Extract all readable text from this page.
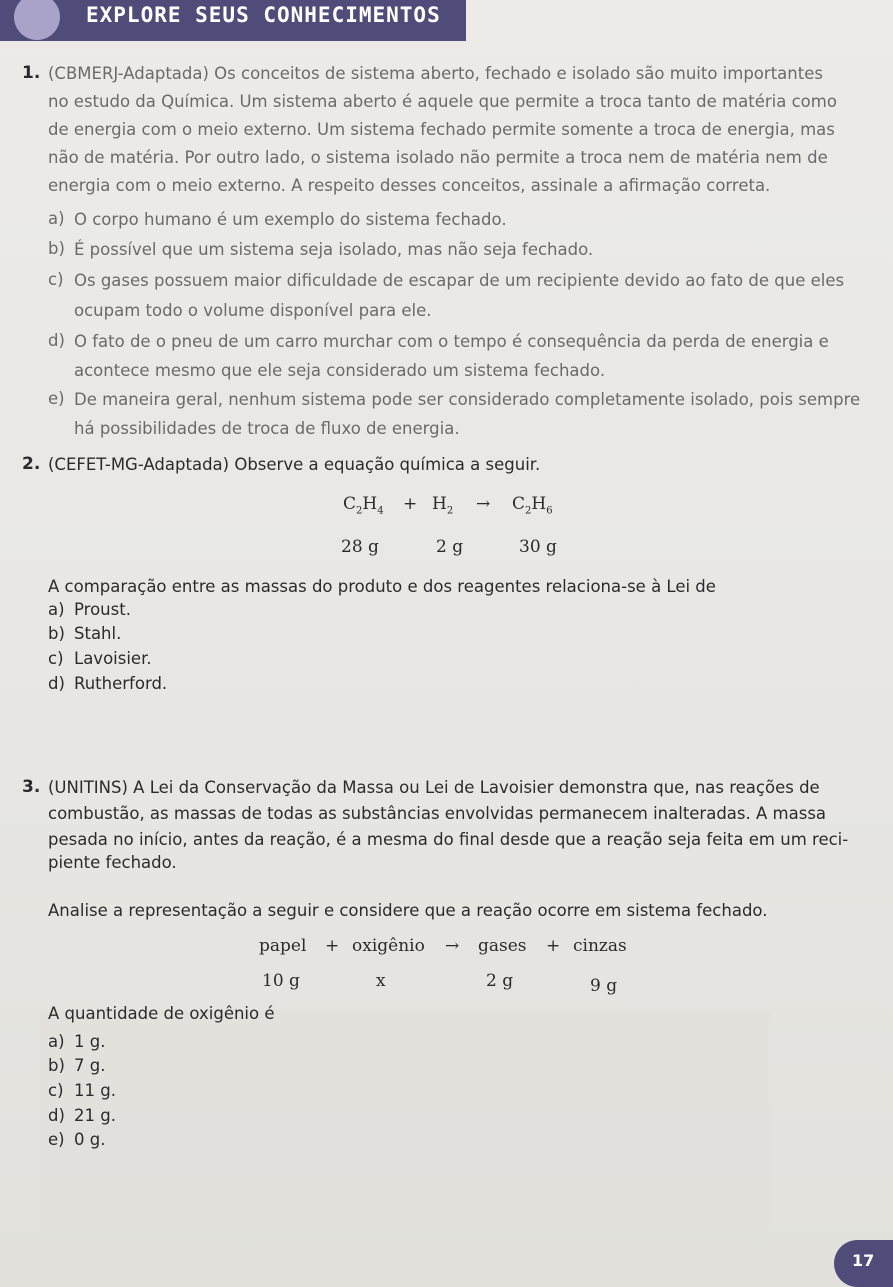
EXPLORE SEUS CONHECIMENTOS
1. (CBMERJ-Adaptada) Os conceitos de sistema aberto, fechado e isolado são muito importantes
no estudo da Química. Um sistema aberto é aquele que permite a troca tanto de matéria como
de energia com o meio externo. Um sistema fechado permite somente a troca de energia, mas
não de matéria. Por outro lado, o sistema isolado não permite a troca nem de matéria nem de
energia com o meio externo. A respeito desses conceitos, assinale a afirmação correta.
a) O corpo humano é um exemplo do sistema fechado.
b) É possível que um sistema seja isolado, mas não seja fechado.
c) Os gases possuem maior dificuldade de escapar de um recipiente devido ao fato de que eles
ocupam todo o volume disponível para ele.
d) O fato de o pneu de um carro murchar com o tempo é consequência da perda de energia e
acontece mesmo que ele seja considerado um sistema fechado.
e) De maneira geral, nenhum sistema pode ser considerado completamente isolado, pois sempre
há possibilidades de troca de fluxo de energia.
2. (CEFET-MG-Adaptada) Observe a equação química a seguir.
$C_2H_4 + H_2 \to C_2H_6$
28 g	2 g	30 g
A comparação entre as massas do produto e dos reagentes relaciona-se à Lei de
a) Proust.
b) Stahl.
c) Lavoisier.
d) Rutherford.
3. (UNITINS) A Lei da Conservação da Massa ou Lei de Lavoisier demonstra que, nas reações de
combustão, as massas de todas as substâncias envolvidas permanecem inalteradas. A massa
pesada no início, antes da reação, é a mesma do final desde que a reação seja feita em um reci-
piente fechado.
Analise a representação a seguir e considere que a reação ocorre em sistema fechado.
papel + oxigênio → gases + cinzas
10 g	x	2 g	9 g
A quantidade de oxigênio é
a) 1 g.
b) 7 g.
c) 11 g.
d) 21 g.
e) 0 g.
17
